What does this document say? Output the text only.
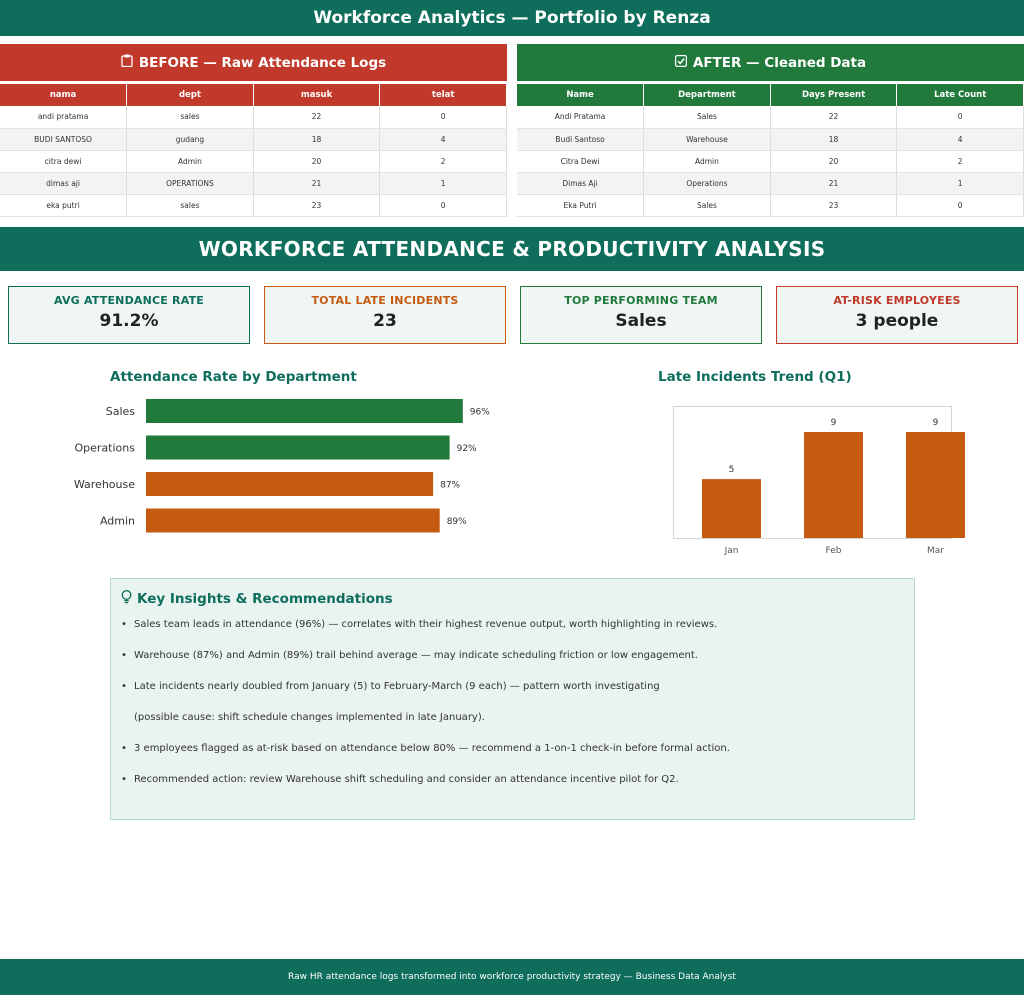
Workforce Analytics — Portfolio by Renza
BEFORE — Raw Attendance Logs
nama	dept	masuk	telat
andi pratama	sales	22	0
BUDI SANTOSO	gudang	18	4
citra dewi	Admin	20	2
dimas aji	OPERATIONS	21	1
eka putri	sales	23	0
AFTER — Cleaned Data
Name	Department	Days Present	Late Count
Andi Pratama	Sales	22	0
Budi Santoso	Warehouse	18	4
Citra Dewi	Admin	20	2
Dimas Aji	Operations	21	1
Eka Putri	Sales	23	0
WORKFORCE ATTENDANCE & PRODUCTIVITY ANALYSIS
AVG ATTENDANCE RATE
91.2%
TOTAL LATE INCIDENTS
23
TOP PERFORMING TEAM
Sales
AT-RISK EMPLOYEES
3 people
Attendance Rate by Department
Sales	96%
Operations	92%
Warehouse	87%
Admin	89%
Late Incidents Trend (Q1)
5
Jan
9
Feb
9
Mar
Key Insights & Recommendations
• Sales team leads in attendance (96%) — correlates with their highest revenue output, worth highlighting in reviews.
• Warehouse (87%) and Admin (89%) trail behind average — may indicate scheduling friction or low engagement.
• Late incidents nearly doubled from January (5) to February-March (9 each) — pattern worth investigating
(possible cause: shift schedule changes implemented in late January).
• 3 employees flagged as at-risk based on attendance below 80% — recommend a 1-on-1 check-in before formal action.
• Recommended action: review Warehouse shift scheduling and consider an attendance incentive pilot for Q2.
Raw HR attendance logs transformed into workforce productivity strategy — Business Data Analyst
